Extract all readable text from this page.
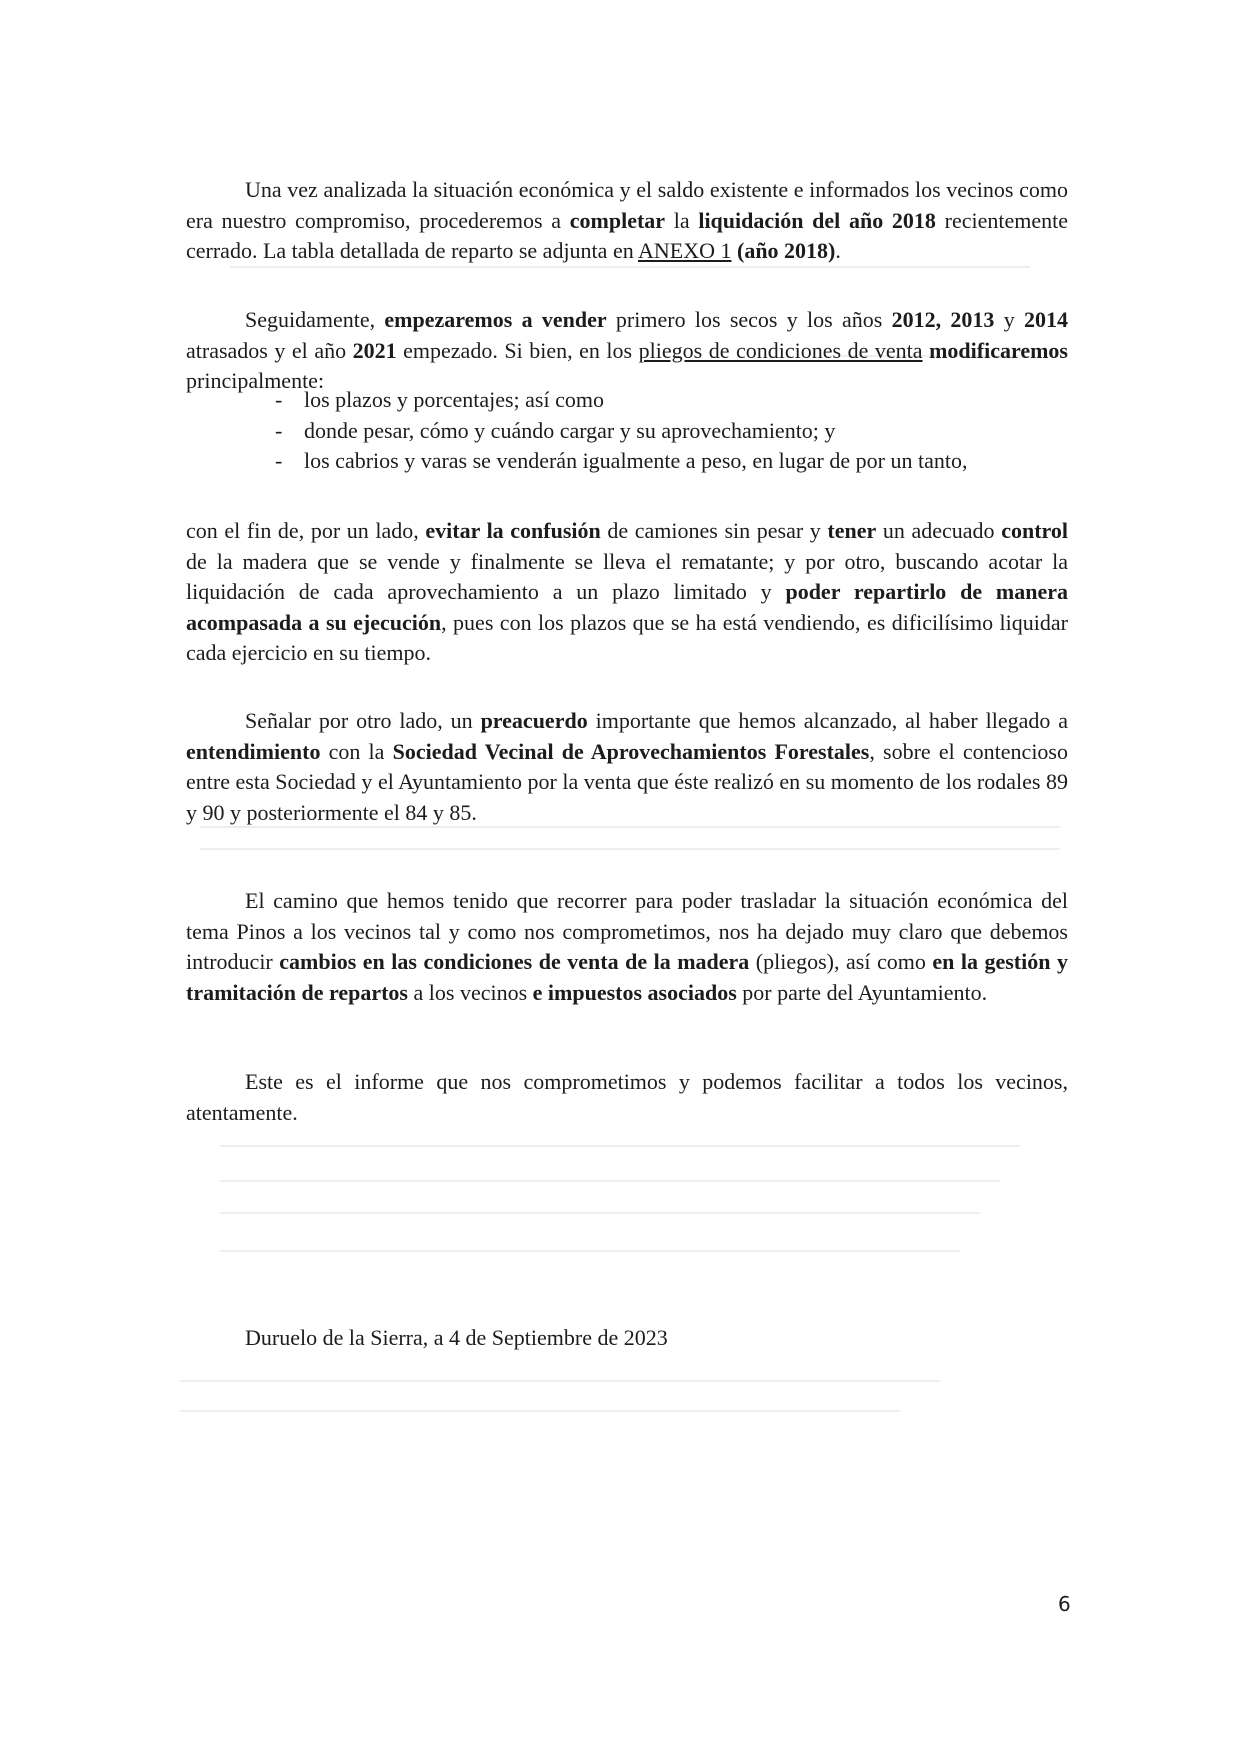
Una vez analizada la situación económica y el saldo existente e informados los vecinos como era nuestro compromiso, procederemos a completar la liquidación del año 2018 recientemente cerrado. La tabla detallada de reparto se adjunta en ANEXO 1 (año 2018).

Seguidamente, empezaremos a vender primero los secos y los años 2012, 2013 y 2014 atrasados y el año 2021 empezado. Si bien, en los pliegos de condiciones de venta modificaremos principalmente:

- los plazos y porcentajes; así como
- donde pesar, cómo y cuándo cargar y su aprovechamiento; y
- los cabrios y varas se venderán igualmente a peso, en lugar de por un tanto,

con el fin de, por un lado, evitar la confusión de camiones sin pesar y tener un adecuado control de la madera que se vende y finalmente se lleva el rematante; y por otro, buscando acotar la liquidación de cada aprovechamiento a un plazo limitado y poder repartirlo de manera acompasada a su ejecución, pues con los plazos que se ha está vendiendo, es dificilísimo liquidar cada ejercicio en su tiempo.

Señalar por otro lado, un preacuerdo importante que hemos alcanzado, al haber llegado a entendimiento con la Sociedad Vecinal de Aprovechamientos Forestales, sobre el contencioso entre esta Sociedad y el Ayuntamiento por la venta que éste realizó en su momento de los rodales 89 y 90 y posteriormente el 84 y 85.

El camino que hemos tenido que recorrer para poder trasladar la situación económica del tema Pinos a los vecinos tal y como nos comprometimos, nos ha dejado muy claro que debemos introducir cambios en las condiciones de venta de la madera (pliegos), así como en la gestión y tramitación de repartos a los vecinos e impuestos asociados por parte del Ayuntamiento.

Este es el informe que nos comprometimos y podemos facilitar a todos los vecinos, atentamente.

Duruelo de la Sierra, a 4 de Septiembre de 2023
6
